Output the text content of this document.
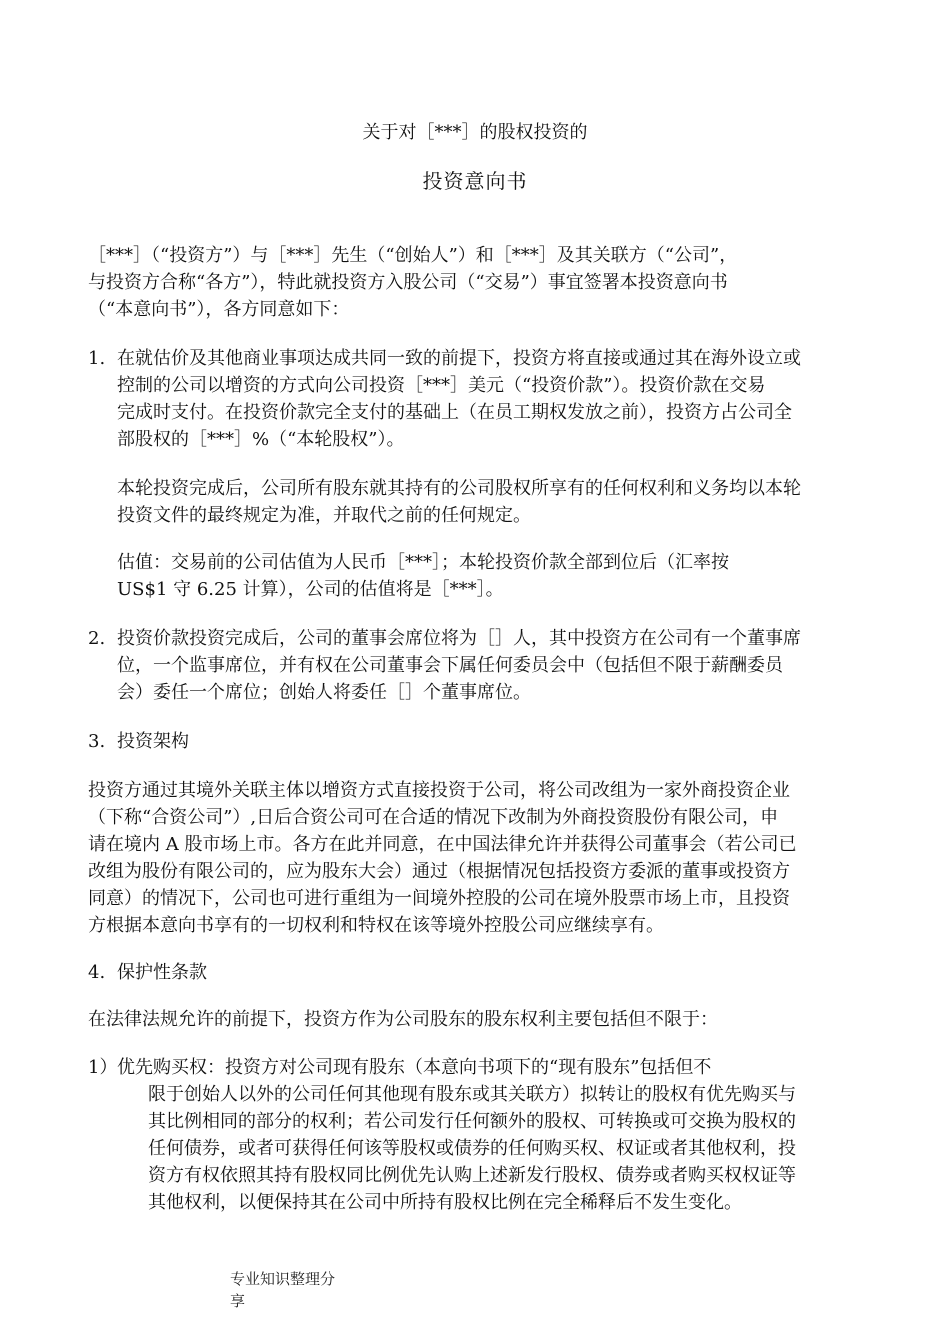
关于对［***］的股权投资的
投资意向书
［***］（“投资方”）与［***］先生（“创始人”）和［***］及其关联方（“公司”，
与投资方合称“各方”），特此就投资方入股公司（“交易”）事宜签署本投资意向书
（“本意向书”），各方同意如下：
1. 在就估价及其他商业事项达成共同一致的前提下，投资方将直接或通过其在海外设立或
控制的公司以增资的方式向公司投资［***］美元（“投资价款”）。投资价款在交易
完成时支付。在投资价款完全支付的基础上（在员工期权发放之前），投资方占公司全
部股权的［***］%（“本轮股权”）。
本轮投资完成后，公司所有股东就其持有的公司股权所享有的任何权利和义务均以本轮
投资文件的最终规定为准，并取代之前的任何规定。
估值：交易前的公司估值为人民币［***］；本轮投资价款全部到位后（汇率按
US$1 守 6.25 计算），公司的估值将是［***］。
2. 投资价款投资完成后，公司的董事会席位将为［］人，其中投资方在公司有一个董事席
位，一个监事席位，并有权在公司董事会下属任何委员会中（包括但不限于薪酬委员
会）委任一个席位；创始人将委任［］个董事席位。
3. 投资架构
投资方通过其境外关联主体以增资方式直接投资于公司，将公司改组为一家外商投资企业
（下称“合资公司”）,日后合资公司可在合适的情况下改制为外商投资股份有限公司，申
请在境内 A 股市场上市。各方在此并同意，在中国法律允许并获得公司董事会（若公司已
改组为股份有限公司的，应为股东大会）通过（根据情况包括投资方委派的董事或投资方
同意）的情况下，公司也可进行重组为一间境外控股的公司在境外股票市场上市，且投资
方根据本意向书享有的一切权利和特权在该等境外控股公司应继续享有。
4. 保护性条款
在法律法规允许的前提下，投资方作为公司股东的股东权利主要包括但不限于：
1） 优先购买权：投资方对公司现有股东（本意向书项下的“现有股东”包括但不
限于创始人以外的公司任何其他现有股东或其关联方）拟转让的股权有优先购买与
其比例相同的部分的权利；若公司发行任何额外的股权、可转换或可交换为股权的
任何债券，或者可获得任何该等股权或债券的任何购买权、权证或者其他权利，投
资方有权依照其持有股权同比例优先认购上述新发行股权、债券或者购买权权证等
其他权利，以便保持其在公司中所持有股权比例在完全稀释后不发生变化。
专业知识整理分
享
